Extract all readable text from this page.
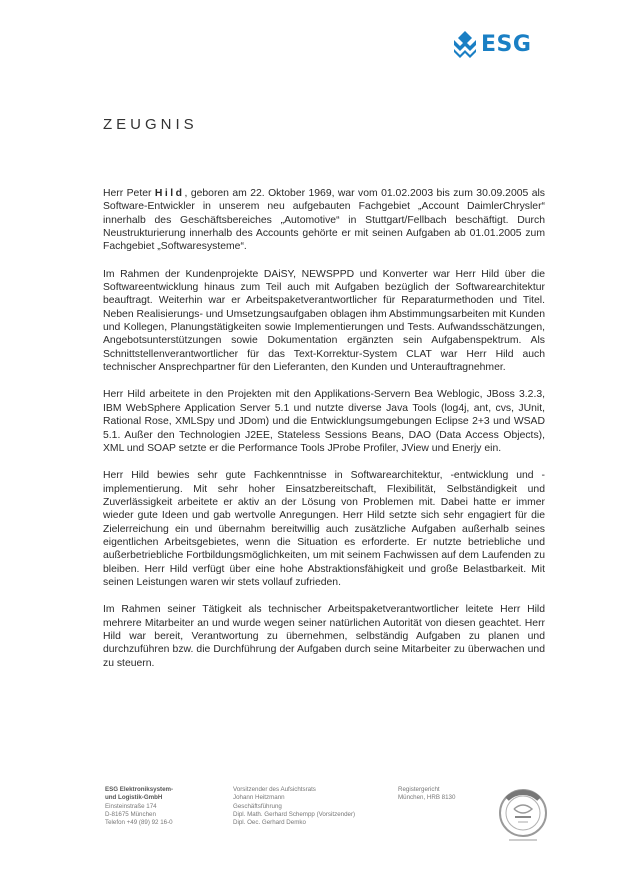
ESG
ZEUGNIS

Herr Peter Hild, geboren am 22. Oktober 1969, war vom 01.02.2003 bis zum 30.09.2005 als Software-Entwickler in unserem neu aufgebauten Fachgebiet „Account DaimlerChrysler“ innerhalb des Geschäftsbereiches „Automotive“ in Stuttgart/Fellbach beschäftigt. Durch Neustrukturierung innerhalb des Accounts gehörte er mit seinen Aufgaben ab 01.01.2005 zum Fachgebiet „Softwaresysteme“.

Im Rahmen der Kundenprojekte DAiSY, NEWSPPD und Konverter war Herr Hild über die Softwareentwicklung hinaus zum Teil auch mit Aufgaben bezüglich der Softwarearchitektur beauftragt. Weiterhin war er Arbeitspaketverantwortlicher für Reparaturmethoden und Titel. Neben Realisierungs- und Umsetzungsaufgaben oblagen ihm Abstimmungsarbeiten mit Kunden und Kollegen, Planungstätigkeiten sowie Implementierungen und Tests. Aufwandsschätzungen, Angebotsunterstützungen sowie Dokumentation ergänzten sein Aufgabenspektrum. Als Schnittstellenverantwortlicher für das Text-Korrektur-System CLAT war Herr Hild auch technischer Ansprechpartner für den Lieferanten, den Kunden und Unterauftragnehmer.

Herr Hild arbeitete in den Projekten mit den Applikations-Servern Bea Weblogic, JBoss 3.2.3, IBM WebSphere Application Server 5.1 und nutzte diverse Java Tools (log4j, ant, cvs, JUnit, Rational Rose, XMLSpy und JDom) und die Entwicklungsumgebungen Eclipse 2+3 und WSAD 5.1. Außer den Technologien J2EE, Stateless Sessions Beans, DAO (Data Access Objects), XML und SOAP setzte er die Performance Tools JProbe Profiler, JView und Enerjy ein.

Herr Hild bewies sehr gute Fachkenntnisse in Softwarearchitektur, -entwicklung und -implementierung. Mit sehr hoher Einsatzbereitschaft, Flexibilität, Selbständigkeit und Zuverlässigkeit arbeitete er aktiv an der Lösung von Problemen mit. Dabei hatte er immer wieder gute Ideen und gab wertvolle Anregungen. Herr Hild setzte sich sehr engagiert für die Zielerreichung ein und übernahm bereitwillig auch zusätzliche Aufgaben außerhalb seines eigentlichen Arbeitsgebietes, wenn die Situation es erforderte. Er nutzte betriebliche und außerbetriebliche Fortbildungsmöglichkeiten, um mit seinem Fachwissen auf dem Laufenden zu bleiben. Herr Hild verfügt über eine hohe Abstraktionsfähigkeit und große Belastbarkeit. Mit seinen Leistungen waren wir stets vollauf zufrieden.

Im Rahmen seiner Tätigkeit als technischer Arbeitspaketverantwortlicher leitete Herr Hild mehrere Mitarbeiter an und wurde wegen seiner natürlichen Autorität von diesen geachtet. Herr Hild war bereit, Verantwortung zu übernehmen, selbständig Aufgaben zu planen und durchzuführen bzw. die Durchführung der Aufgaben durch seine Mitarbeiter zu überwachen und zu steuern.

ESG Elektroniksystem-
und Logistik-GmbH
Einsteinstraße 174
D-81675 München
Telefon +49 (89) 92 16-0
Vorsitzender des Aufsichtsrats
Johann Heitzmann
Geschäftsführung
Dipl. Math. Gerhard Schempp (Vorsitzender)
Dipl. Oec. Gerhard Demko
Registergericht
München, HRB 8130
